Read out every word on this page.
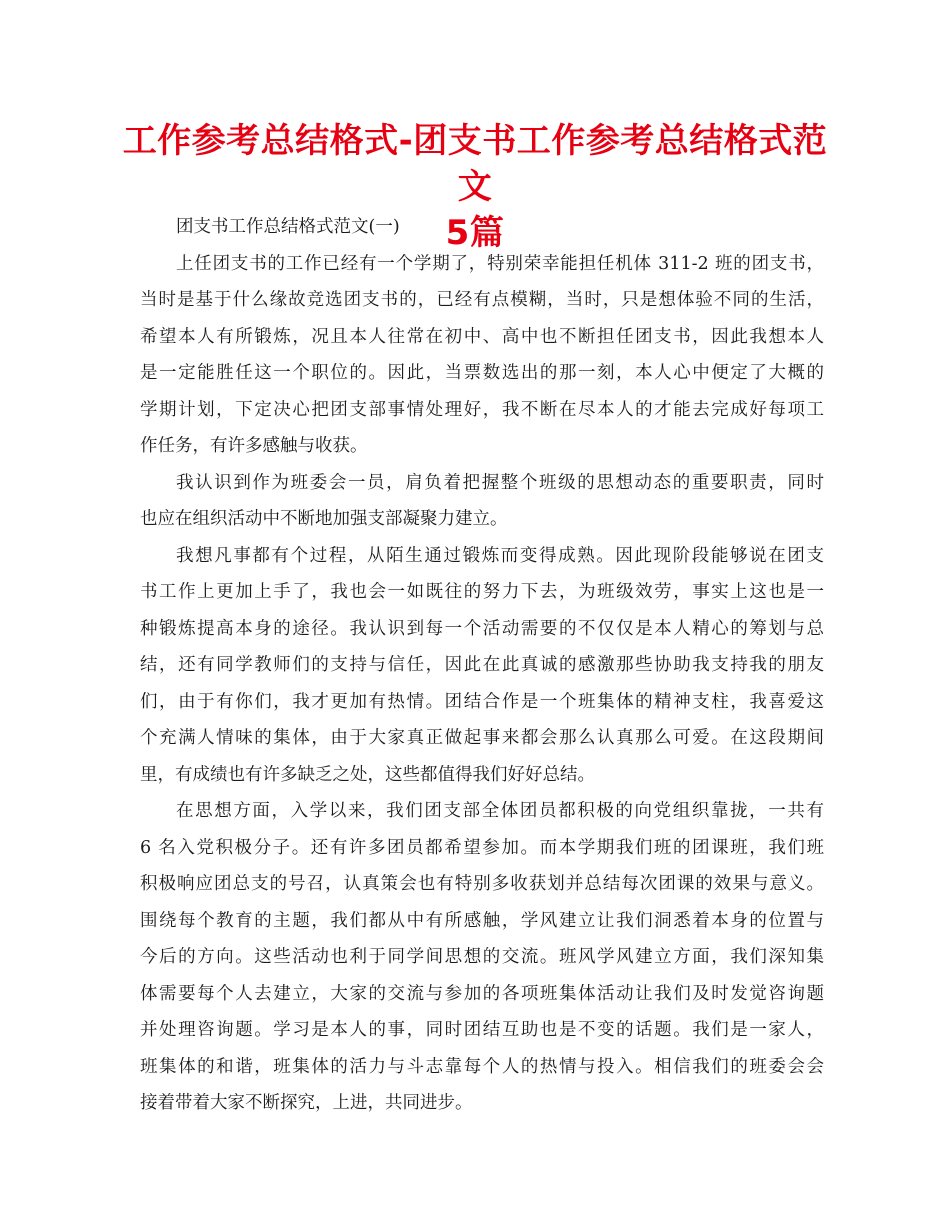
工作参考总结格式-团支书工作参考总结格式范文
5篇
团支书工作总结格式范文(一)
上任团支书的工作已经有一个学期了，特别荣幸能担任机体 311-2 班的团支书，
当时是基于什么缘故竞选团支书的，已经有点模糊，当时，只是想体验不同的生活，
希望本人有所锻炼，况且本人往常在初中、高中也不断担任团支书，因此我想本人
是一定能胜任这一个职位的。因此，当票数选出的那一刻，本人心中便定了大概的
学期计划，下定决心把团支部事情处理好，我不断在尽本人的才能去完成好每项工
作任务，有许多感触与收获。
我认识到作为班委会一员，肩负着把握整个班级的思想动态的重要职责，同时
也应在组织活动中不断地加强支部凝聚力建立。
我想凡事都有个过程，从陌生通过锻炼而变得成熟。因此现阶段能够说在团支
书工作上更加上手了，我也会一如既往的努力下去，为班级效劳，事实上这也是一
种锻炼提高本身的途径。我认识到每一个活动需要的不仅仅是本人精心的筹划与总
结，还有同学教师们的支持与信任，因此在此真诚的感激那些协助我支持我的朋友
们，由于有你们，我才更加有热情。团结合作是一个班集体的精神支柱，我喜爱这
个充满人情味的集体，由于大家真正做起事来都会那么认真那么可爱。在这段期间
里，有成绩也有许多缺乏之处，这些都值得我们好好总结。
在思想方面，入学以来，我们团支部全体团员都积极的向党组织靠拢，一共有
6 名入党积极分子。还有许多团员都希望参加。而本学期我们班的团课班，我们班
积极响应团总支的号召，认真策会也有特别多收获划并总结每次团课的效果与意义。
围绕每个教育的主题，我们都从中有所感触，学风建立让我们洞悉着本身的位置与
今后的方向。这些活动也利于同学间思想的交流。班风学风建立方面，我们深知集
体需要每个人去建立，大家的交流与参加的各项班集体活动让我们及时发觉咨询题
并处理咨询题。学习是本人的事，同时团结互助也是不变的话题。我们是一家人，
班集体的和谐，班集体的活力与斗志靠每个人的热情与投入。相信我们的班委会会
接着带着大家不断探究，上进，共同进步。
